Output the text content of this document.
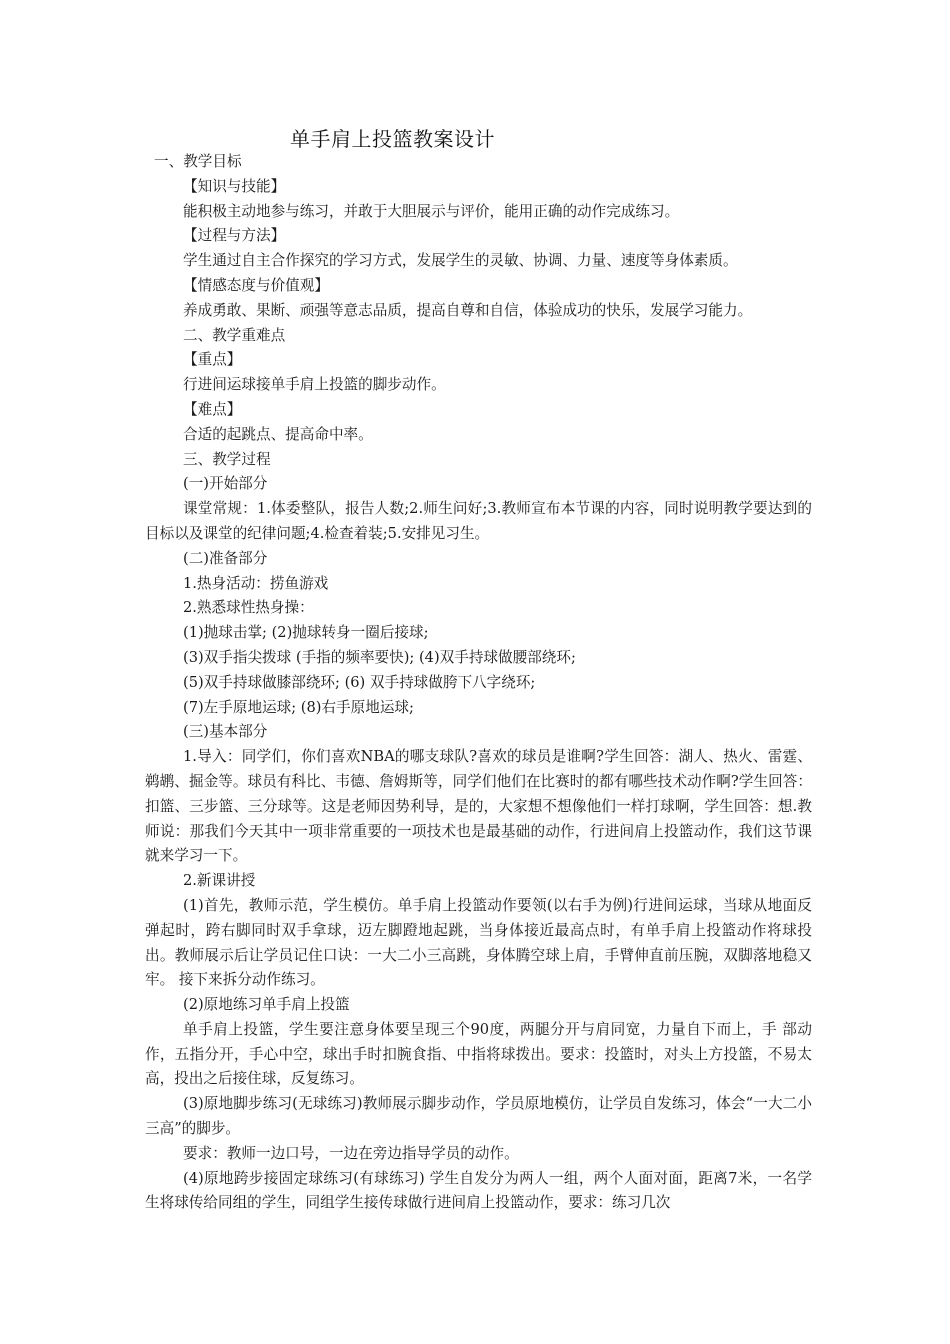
单手肩上投篮教案设计

一、教学目标

【知识与技能】

能积极主动地参与练习，并敢于大胆展示与评价，能用正确的动作完成练习。

【过程与方法】

学生通过自主合作探究的学习方式，发展学生的灵敏、协调、力量、速度等身体素质。

【情感态度与价值观】

养成勇敢、果断、顽强等意志品质，提高自尊和自信，体验成功的快乐，发展学习能力。

二、教学重难点

【重点】

行进间运球接单手肩上投篮的脚步动作。

【难点】

合适的起跳点、提高命中率。

三、教学过程

(一)开始部分

课堂常规：1.体委整队，报告人数;2.师生问好;3.教师宣布本节课的内容，同时说明教学要达到的目标以及课堂的纪律问题;4.检查着装;5.安排见习生。

(二)准备部分

1.热身活动：捞鱼游戏

2.熟悉球性热身操：

(1)抛球击掌; (2)抛球转身一圈后接球;

(3)双手指尖拨球 (手指的频率要快); (4)双手持球做腰部绕环;

(5)双手持球做膝部绕环; (6) 双手持球做胯下八字绕环;

(7)左手原地运球; (8)右手原地运球;

(三)基本部分

1.导入：同学们，你们喜欢NBA的哪支球队?喜欢的球员是谁啊?学生回答：湖人、热火、雷霆、鹈鹕、掘金等。球员有科比、韦德、詹姆斯等，同学们他们在比赛时的都有哪些技术动作啊?学生回答：扣篮、三步篮、三分球等。这是老师因势利导，是的，大家想不想像他们一样打球啊，学生回答：想.教师说：那我们今天其中一项非常重要的一项技术也是最基础的动作，行进间肩上投篮动作，我们这节课就来学习一下。

2.新课讲授

(1)首先，教师示范，学生模仿。单手肩上投篮动作要领(以右手为例)行进间运球，当球从地面反弹起时，跨右脚同时双手拿球，迈左脚蹬地起跳，当身体接近最高点时，有单手肩上投篮动作将球投出。教师展示后让学员记住口诀：一大二小三高跳，身体腾空球上肩，手臂伸直前压腕，双脚落地稳又牢。 接下来拆分动作练习。

(2)原地练习单手肩上投篮

单手肩上投篮，学生要注意身体要呈现三个90度，两腿分开与肩同宽，力量自下而上，手 部动作，五指分开，手心中空，球出手时扣腕食指、中指将球拨出。要求：投篮时，对头上方投篮，不易太高，投出之后接住球，反复练习。

(3)原地脚步练习(无球练习)教师展示脚步动作，学员原地模仿，让学员自发练习，体会“一大二小三高”的脚步。

要求：教师一边口号，一边在旁边指导学员的动作。

(4)原地跨步接固定球练习(有球练习) 学生自发分为两人一组，两个人面对面，距离7米，一名学生将球传给同组的学生，同组学生接传球做行进间肩上投篮动作，要求：练习几次
